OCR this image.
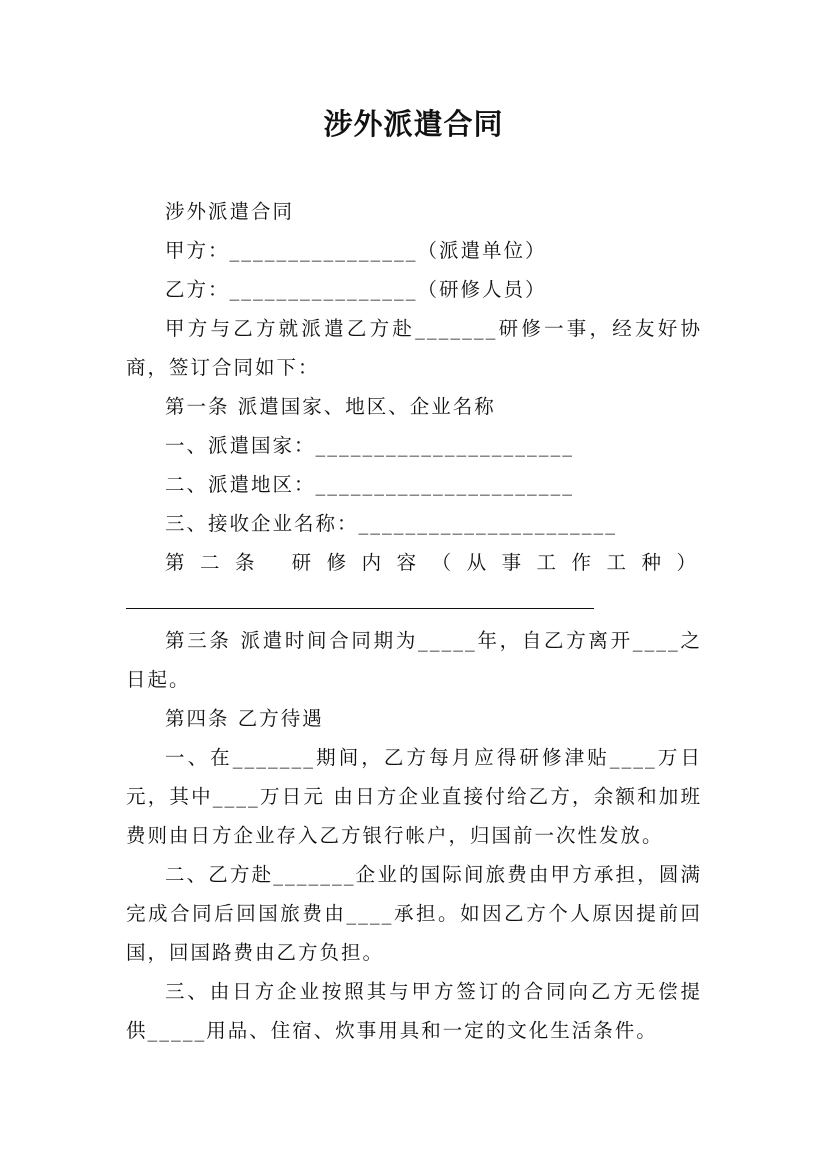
涉外派遣合同

涉外派遣合同

甲方：________________（派遣单位）

乙方：________________（研修人员）

甲方与乙方就派遣乙方赴_______研修一事，经友好协商，签订合同如下：

第一条 派遣国家、地区、企业名称

一、派遣国家：______________________

二、派遣地区：______________________

三、接收企业名称：______________________

第二条 研修内容（从事工作工种）

第三条 派遣时间合同期为_____年，自乙方离开____之日起。

第四条 乙方待遇

一、在_______期间，乙方每月应得研修津贴____万日元，其中____万日元 由日方企业直接付给乙方，余额和加班费则由日方企业存入乙方银行帐户，归国前一次性发放。

二、乙方赴_______企业的国际间旅费由甲方承担，圆满完成合同后回国旅费由____承担。如因乙方个人原因提前回国，回国路费由乙方负担。

三、由日方企业按照其与甲方签订的合同向乙方无偿提供_____用品、住宿、炊事用具和一定的文化生活条件。
